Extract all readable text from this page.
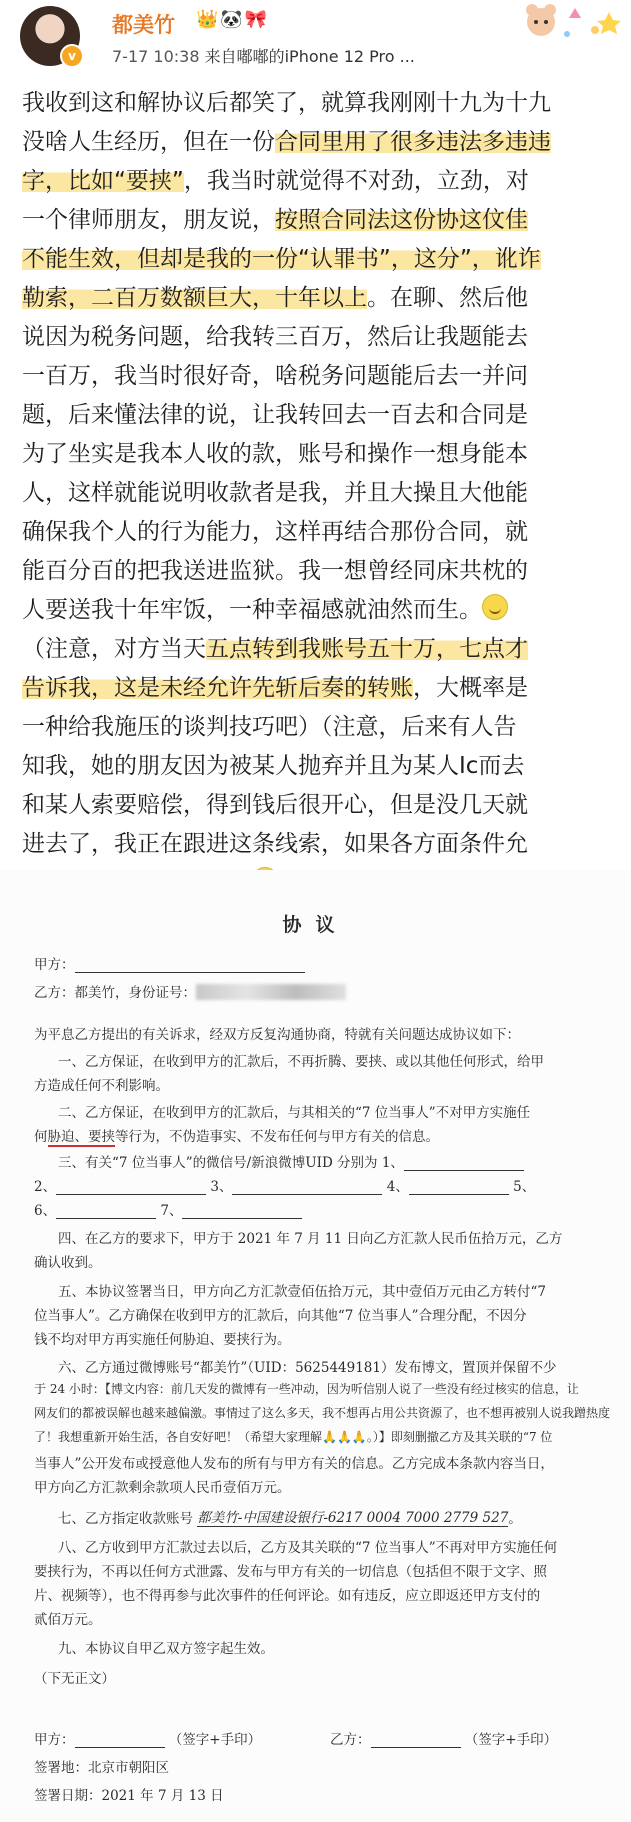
v
都美竹 👑🐼🎀
7-17 10:38 来自嘟嘟的iPhone 12 Pro ...

我收到这和解协议后都笑了，就算我刚刚十九为十九

没啥人生经历，但在一份合同里用了很多违法多违违

字，比如“要挟”，我当时就觉得不对劲，立劲，对

一个律师朋友，朋友说，按照合同法这份协这伩佳

不能生效，但却是我的一份“认罪书”，这分”，讹诈

勒索，二百万数额巨大，十年以上。在聊、然后他

说因为税务问题，给我转三百万，然后让我题能去

一百万，我当时很好奇，啥税务问题能后去一并问

题，后来懂法律的说，让我转回去一百去和合同是

为了坐实是我本人收的款，账号和操作一想身能本

人，这样就能说明收款者是我，并且大操且大他能

确保我个人的行为能力，这样再结合那份合同，就

能百分百的把我送进监狱。我一想曾经同床共枕的

人要送我十年牢饭，一种幸福感就油然而生。

（注意，对方当天五点转到我账号五十万，七点才

告诉我，这是未经允许先斩后奏的转账，大概率是

一种给我施压的谈判技巧吧）（注意，后来有人告

知我，她的朋友因为被某人抛弃并且为某人Ic而去

和某人索要赔偿，得到钱后很开心，但是没几天就

进去了，我正在跟进这条线索，如果各方面条件允

协议
甲方：
乙方：都美竹，身份证号：
为平息乙方提出的有关诉求，经双方反复沟通协商，特就有关问题达成协议如下：
一、乙方保证，在收到甲方的汇款后，不再折腾、要挟、或以其他任何形式，给甲
方造成任何不利影响。
二、乙方保证，在收到甲方的汇款后，与其相关的“7 位当事人”不对甲方实施任
何胁迫、要挟等行为，不伪造事实、不发布任何与甲方有关的信息。
三、有关“7 位当事人”的微信号/新浪微博UID 分别为 1、
2、	3、	4、	5、
6、	7、
四、在乙方的要求下，甲方于 2021 年 7 月 11 日向乙方汇款人民币伍拾万元，乙方
确认收到。
五、本协议签署当日，甲方向乙方汇款壹佰伍拾万元，其中壹佰万元由乙方转付“7
位当事人”。乙方确保在收到甲方的汇款后，向其他“7 位当事人”合理分配，不因分
钱不均对甲方再实施任何胁迫、要挟行为。
六、乙方通过微博账号“都美竹”（UID：5625449181）发布博文，置顶并保留不少
于 24 小时：【博文内容：前几天发的微博有一些冲动，因为听信别人说了一些没有经过核实的信息，让
网友们的都被误解也越来越偏激。事情过了这么多天，我不想再占用公共资源了，也不想再被别人说我蹭热度
了！我想重新开始生活，各自安好吧！（希望大家理解🙏🙏🙏。）】即刻删撤乙方及其关联的“7 位
当事人”公开发布或授意他人发布的所有与甲方有关的信息。乙方完成本条款内容当日，
甲方向乙方汇款剩余款项人民币壹佰万元。
七、乙方指定收款账号 都美竹-中国建设银行-6217 0004 7000 2779 527。
八、乙方收到甲方汇款过去以后，乙方及其关联的“7 位当事人”不再对甲方实施任何
要挟行为，不再以任何方式泄露、发布与甲方有关的一切信息（包括但不限于文字、照
片、视频等），也不得再参与此次事件的任何评论。如有违反，应立即返还甲方支付的
贰佰万元。
九、本协议自甲乙双方签字起生效。
（下无正文）
甲方：	（签字+手印）	乙方：	（签字+手印）
签署地：北京市朝阳区
签署日期：2021 年 7 月 13 日
